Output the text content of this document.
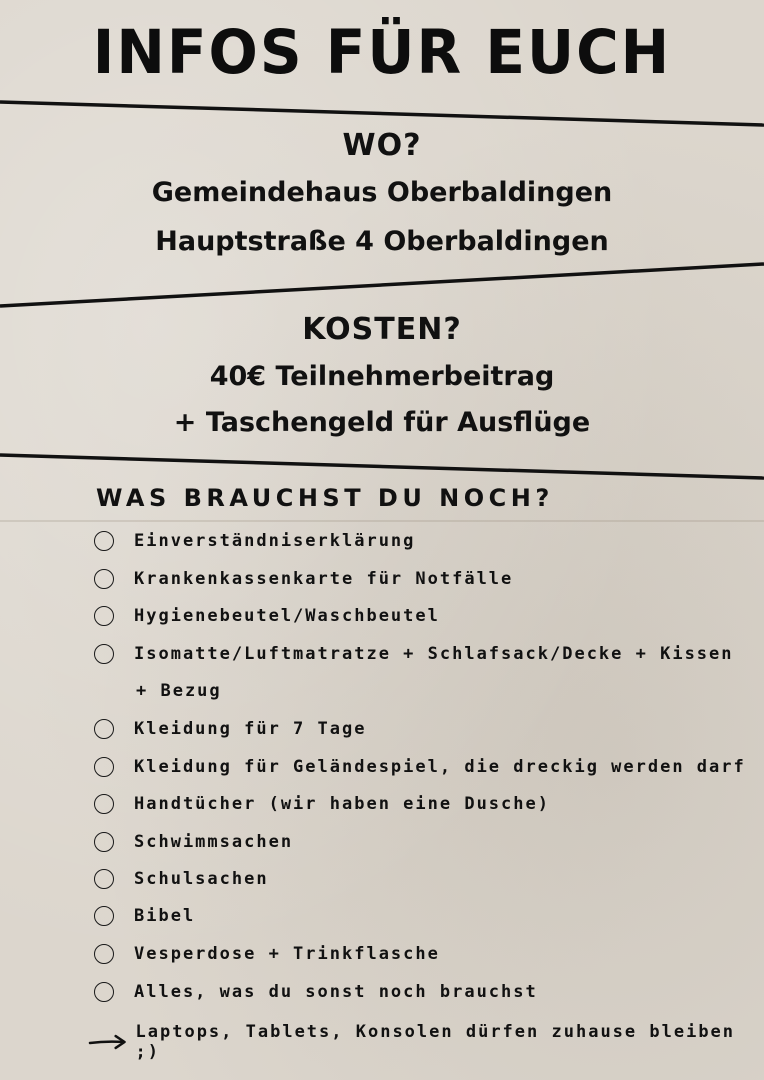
INFOS FÜR EUCH
WO?
Gemeindehaus Oberbaldingen
Hauptstraße 4 Oberbaldingen
KOSTEN?
40€ Teilnehmerbeitrag
+ Taschengeld für Ausflüge
WAS BRAUCHST DU NOCH?
Einverständniserklärung
Krankenkassenkarte für Notfälle
Hygienebeutel/Waschbeutel
Isomatte/Luftmatratze + Schlafsack/Decke + Kissen
+ Bezug
Kleidung für 7 Tage
Kleidung für Geländespiel, die dreckig werden darf
Handtücher (wir haben eine Dusche)
Schwimmsachen
Schulsachen
Bibel
Vesperdose + Trinkflasche
Alles, was du sonst noch brauchst
Laptops, Tablets, Konsolen dürfen zuhause bleiben ;)
